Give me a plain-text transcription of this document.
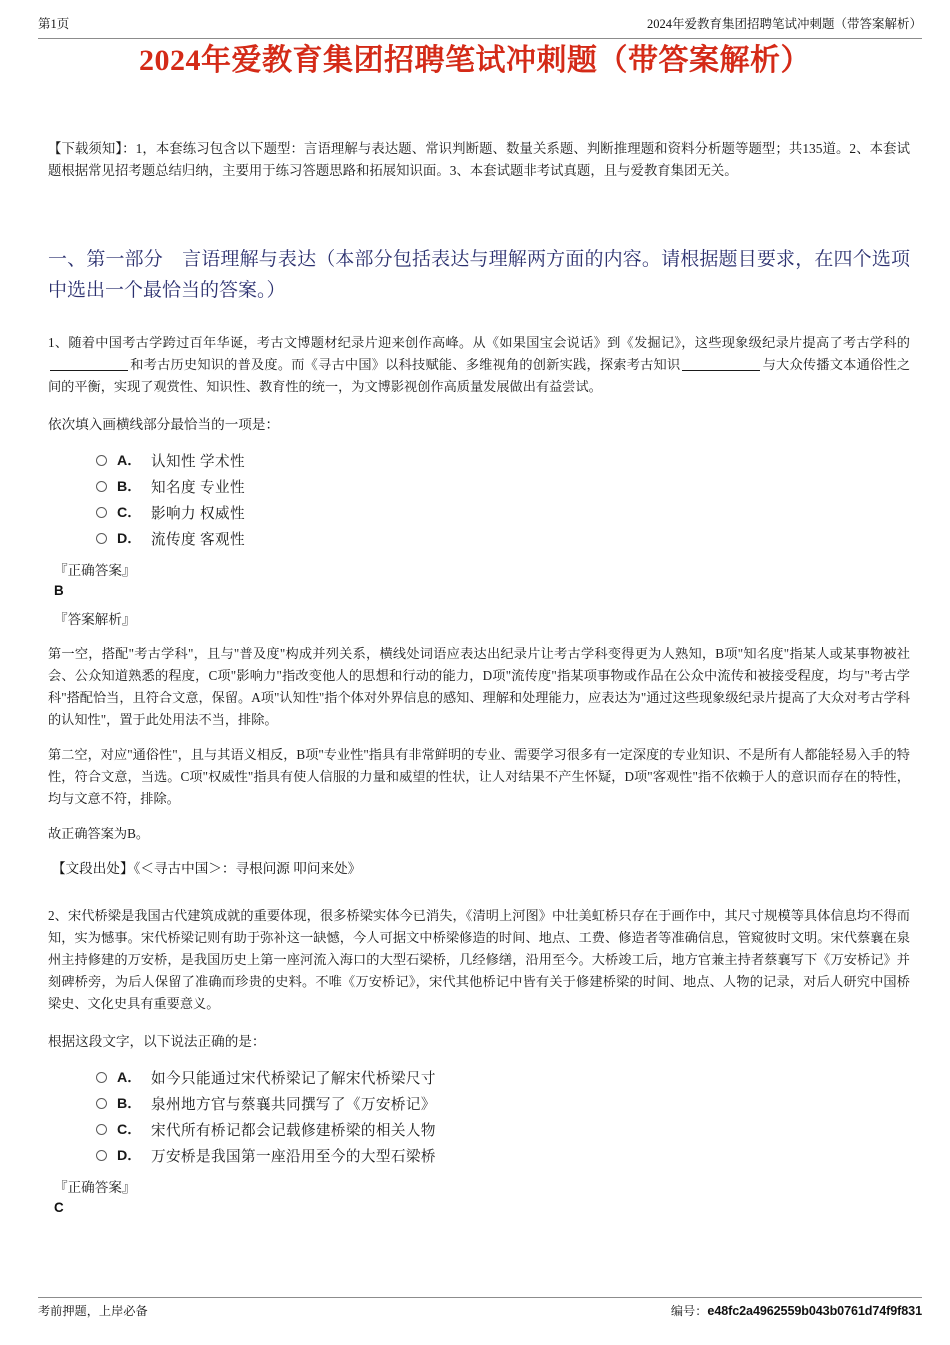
第1页	2024年爱教育集团招聘笔试冲刺题（带答案解析）
2024年爱教育集团招聘笔试冲刺题（带答案解析）

【下载须知】：1，本套练习包含以下题型：言语理解与表达题、常识判断题、数量关系题、判断推理题和资料分析题等题型；共135道。2、本套试题根据常见招考题总结归纳，主要用于练习答题思路和拓展知识面。3、本套试题非考试真题，且与爱教育集团无关。

一、第一部分　言语理解与表达（本部分包括表达与理解两方面的内容。请根据题目要求，在四个选项中选出一个最恰当的答案。）
1、随着中国考古学跨过百年华诞，考古文博题材纪录片迎来创作高峰。从《如果国宝会说话》到《发掘记》，这些现象级纪录片提高了考古学科的和考古历史知识的普及度。而《寻古中国》以科技赋能、多维视角的创新实践，探索考古知识	与大众传播文本通俗性之间的平衡，实现了观赏性、知识性、教育性的统一，为文博影视创作高质量发展做出有益尝试。
依次填入画横线部分最恰当的一项是：
A． 认知性 学术性
B． 知名度 专业性
C． 影响力 权威性
D． 流传度 客观性
『正确答案』
B
『答案解析』

第一空，搭配"考古学科"，且与"普及度"构成并列关系，横线处词语应表达出纪录片让考古学科变得更为人熟知，B项"知名度"指某人或某事物被社会、公众知道熟悉的程度，C项"影响力"指改变他人的思想和行动的能力，D项"流传度"指某项事物或作品在公众中流传和被接受程度，均与"考古学科"搭配恰当，且符合文意，保留。A项"认知性"指个体对外界信息的感知、理解和处理能力，应表达为"通过这些现象级纪录片提高了大众对考古学科的认知性"，置于此处用法不当，排除。

第二空，对应"通俗性"，且与其语义相反，B项"专业性"指具有非常鲜明的专业、需要学习很多有一定深度的专业知识、不是所有人都能轻易入手的特性，符合文意，当选。C项"权威性"指具有使人信服的力量和威望的性状，让人对结果不产生怀疑，D项"客观性"指不依赖于人的意识而存在的特性，均与文意不符，排除。

故正确答案为B。

【文段出处】《＜寻古中国＞：寻根问源 叩问来处》
2、宋代桥梁是我国古代建筑成就的重要体现，很多桥梁实体今已消失，《清明上河图》中壮美虹桥只存在于画作中，其尺寸规模等具体信息均不得而知，实为憾事。宋代桥梁记则有助于弥补这一缺憾，今人可据文中桥梁修造的时间、地点、工费、修造者等准确信息，管窥彼时文明。宋代蔡襄在泉州主持修建的万安桥，是我国历史上第一座河流入海口的大型石梁桥，几经修缮，沿用至今。大桥竣工后，地方官兼主持者蔡襄写下《万安桥记》并刻碑桥旁，为后人保留了准确而珍贵的史料。不唯《万安桥记》，宋代其他桥记中皆有关于修建桥梁的时间、地点、人物的记录，对后人研究中国桥梁史、文化史具有重要意义。
根据这段文字，以下说法正确的是：
A． 如今只能通过宋代桥梁记了解宋代桥梁尺寸
B． 泉州地方官与蔡襄共同撰写了《万安桥记》
C． 宋代所有桥记都会记载修建桥梁的相关人物
D． 万安桥是我国第一座沿用至今的大型石梁桥
『正确答案』
C
考前押题，上岸必备	编号： e48fc2a4962559b043b0761d74f9f831
